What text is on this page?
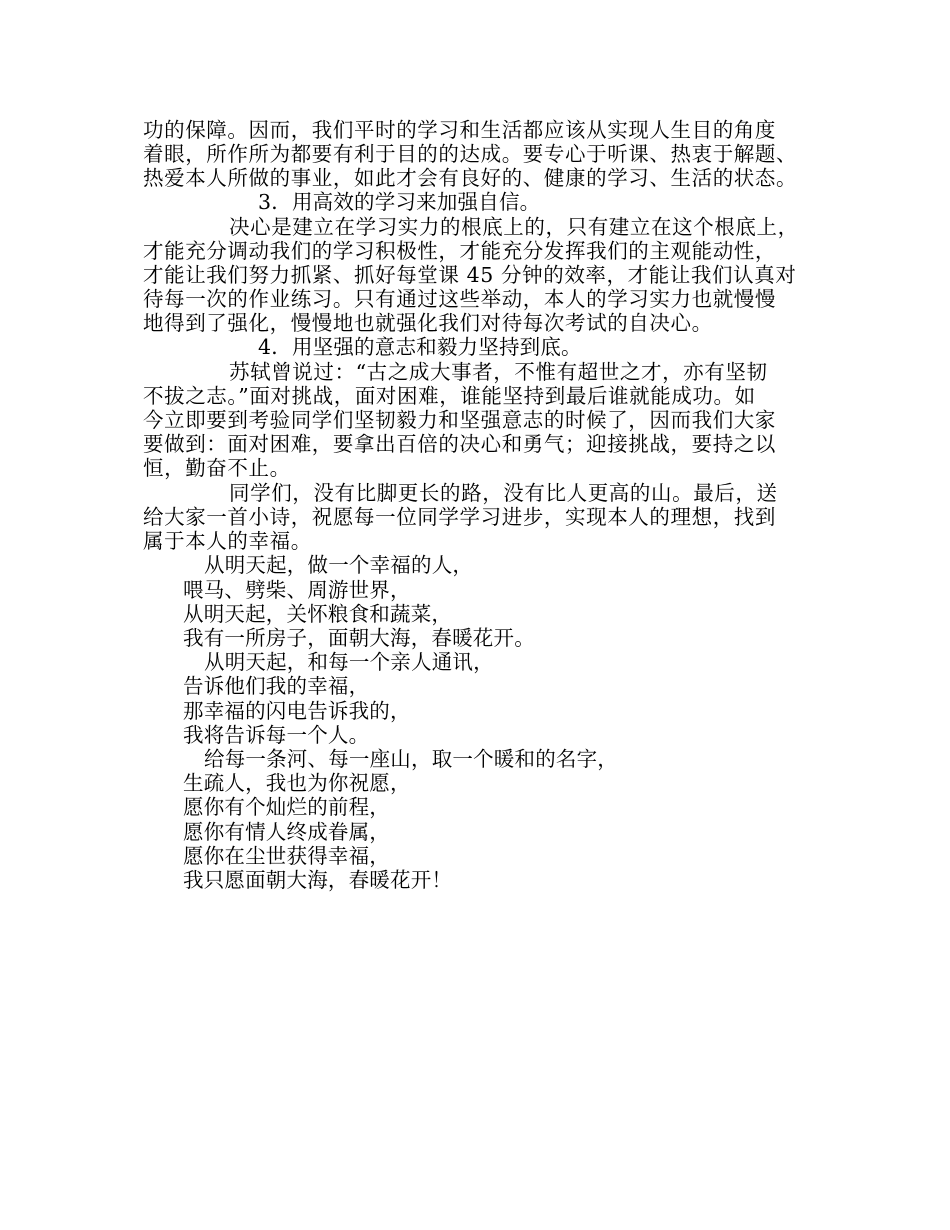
功的保障。因而，我们平时的学习和生活都应该从实现人生目的角度
着眼，所作所为都要有利于目的的达成。要专心于听课、热衷于解题、
热爱本人所做的事业，如此才会有良好的、健康的学习、生活的状态。
3．用高效的学习来加强自信。
决心是建立在学习实力的根底上的，只有建立在这个根底上，
才能充分调动我们的学习积极性，才能充分发挥我们的主观能动性，
才能让我们努力抓紧、抓好每堂课 45 分钟的效率，才能让我们认真对
待每一次的作业练习。只有通过这些举动，本人的学习实力也就慢慢
地得到了强化，慢慢地也就强化我们对待每次考试的自决心。
4．用坚强的意志和毅力坚持到底。
苏轼曾说过：“古之成大事者，不惟有超世之才，亦有坚韧
不拔之志。”面对挑战，面对困难，谁能坚持到最后谁就能成功。如
今立即要到考验同学们坚韧毅力和坚强意志的时候了，因而我们大家
要做到：面对困难，要拿出百倍的决心和勇气；迎接挑战，要持之以
恒，勤奋不止。
同学们，没有比脚更长的路，没有比人更高的山。最后，送
给大家一首小诗，祝愿每一位同学学习进步，实现本人的理想，找到
属于本人的幸福。
从明天起，做一个幸福的人，
喂马、劈柴、周游世界，
从明天起，关怀粮食和蔬菜，
我有一所房子，面朝大海，春暖花开。
从明天起，和每一个亲人通讯，
告诉他们我的幸福，
那幸福的闪电告诉我的，
我将告诉每一个人。
给每一条河、每一座山，取一个暖和的名字，
生疏人，我也为你祝愿，
愿你有个灿烂的前程，
愿你有情人终成眷属，
愿你在尘世获得幸福，
我只愿面朝大海，春暖花开！
